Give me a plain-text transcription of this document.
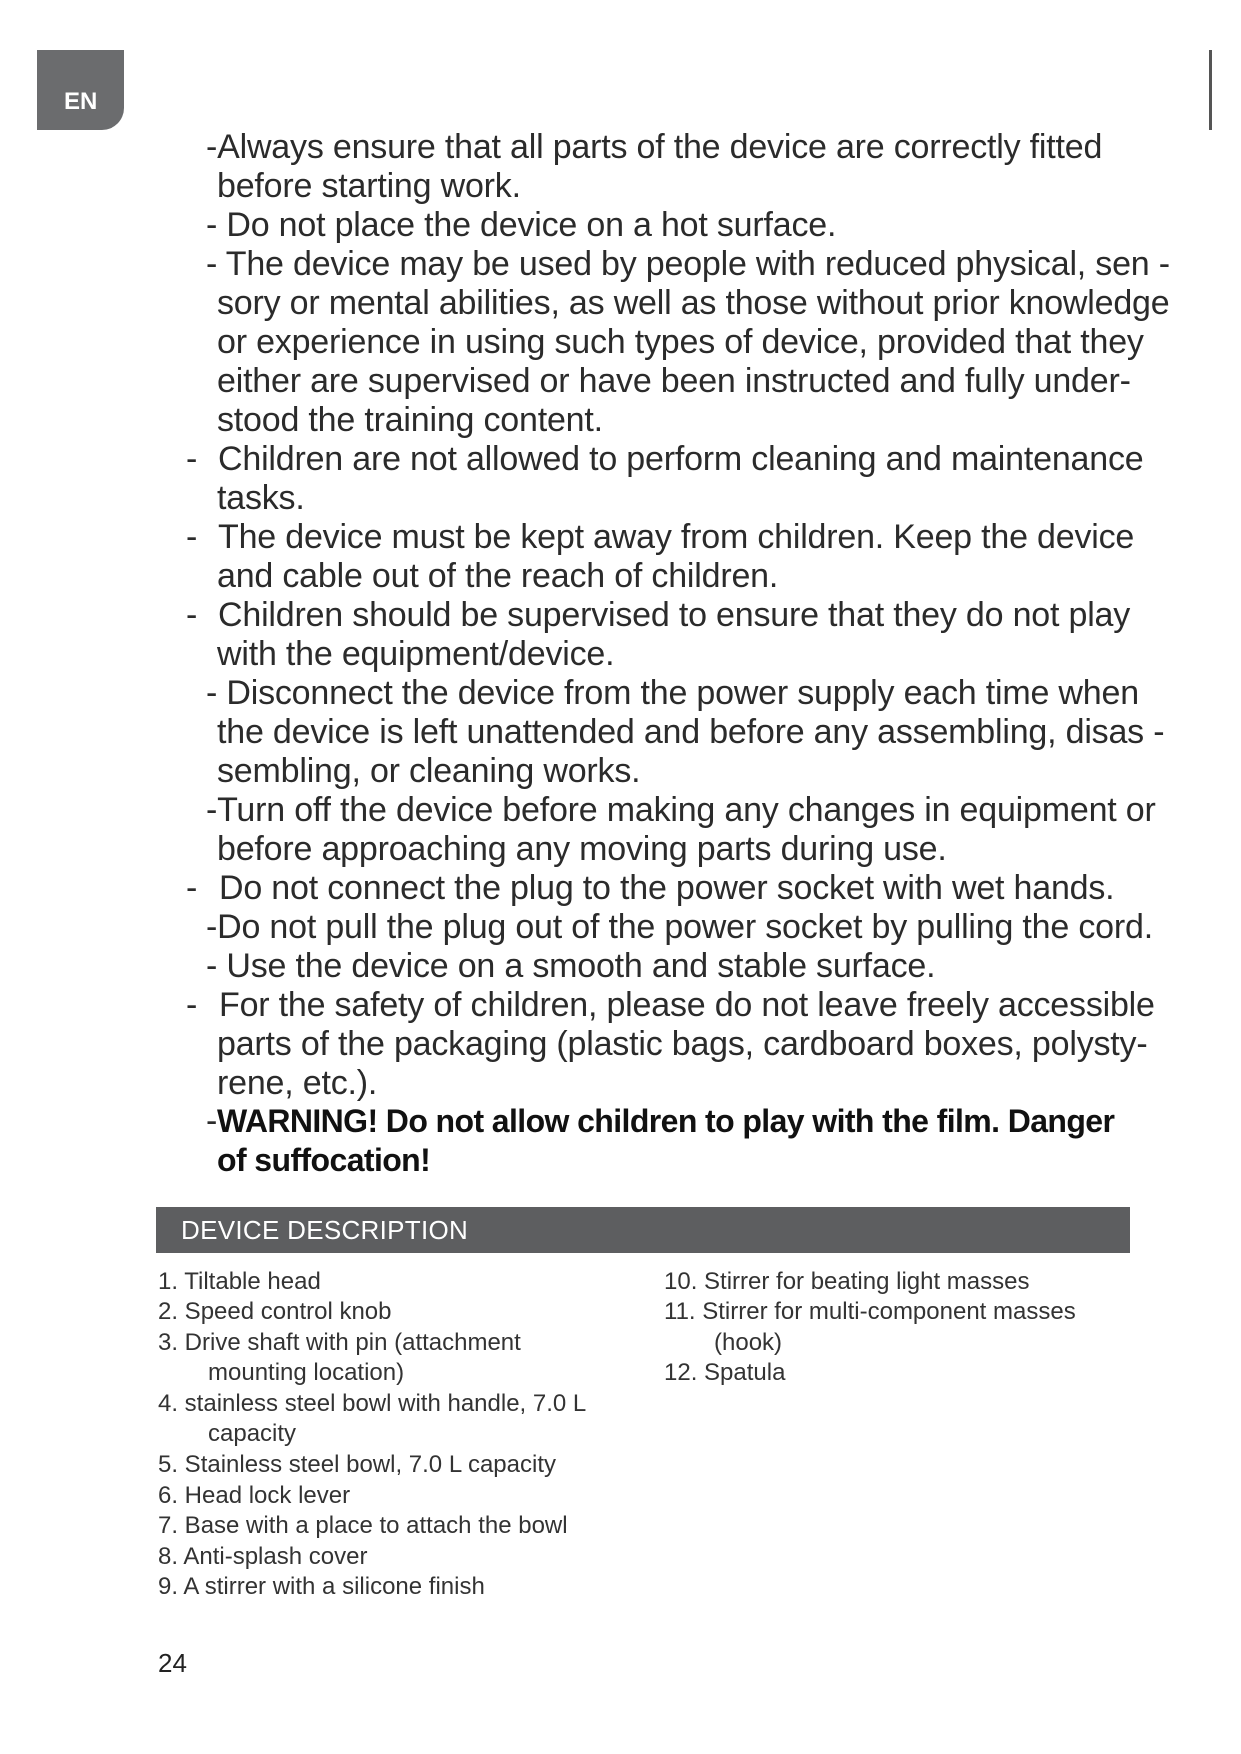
EN
-Always ensure that all parts of the device are correctly fitted
before starting work.
- Do not place the device on a hot surface.
- The device may be used by people with reduced physical, sen -
sory or mental abilities, as well as those without prior knowledge
or experience in using such types of device, provided that they
either are supervised or have been instructed and fully under-
stood the training content.
- Children are not allowed to perform cleaning and maintenance
tasks.
- The device must be kept away from children. Keep the device
and cable out of the reach of children.
- Children should be supervised to ensure that they do not play
with the equipment/device.
- Disconnect the device from the power supply each time when
the device is left unattended and before any assembling, disas -
sembling, or cleaning works.
-Turn off the device before making any changes in equipment or
before approaching any moving parts during use.
- Do not connect the plug to the power socket with wet hands.
-Do not pull the plug out of the power socket by pulling the cord.
- Use the device on a smooth and stable surface.
- For the safety of children, please do not leave freely accessible
parts of the packaging (plastic bags, cardboard boxes, polysty-
rene, etc.).
- WARNING! Do not allow children to play with the film. Danger
of suffocation!
DEVICE DESCRIPTION
1. Tiltable head
2. Speed control knob
3. Drive shaft with pin (attachment
mounting location)
4. stainless steel bowl with handle, 7.0 L
capacity
5. Stainless steel bowl, 7.0 L capacity
6. Head lock lever
7. Base with a place to attach the bowl
8. Anti-splash cover
9. A stirrer with a silicone finish
10. Stirrer for beating light masses
11. Stirrer for multi-component masses
(hook)
12. Spatula
24
